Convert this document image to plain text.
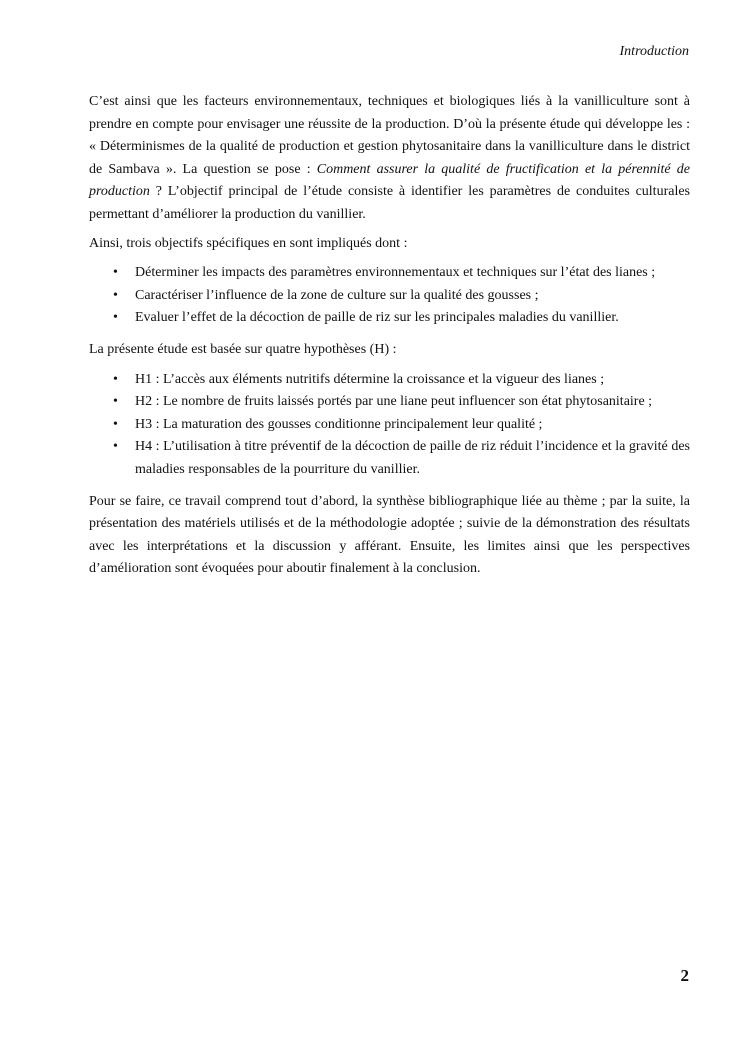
Introduction

C’est ainsi que les facteurs environnementaux, techniques et biologiques liés à la vanilliculture sont à prendre en compte pour envisager une réussite de la production. D’où la présente étude qui développe les : « Déterminismes de la qualité de production et gestion phytosanitaire dans la vanilliculture dans le district de Sambava ». La question se pose : Comment assurer la qualité de fructification et la pérennité de production ? L’objectif principal de l’étude consiste à identifier les paramètres de conduites culturales permettant d’améliorer la production du vanillier.

Ainsi, trois objectifs spécifiques en sont impliqués dont :

• Déterminer les impacts des paramètres environnementaux et techniques sur l’état des lianes ;
• Caractériser l’influence de la zone de culture sur la qualité des gousses ;
• Evaluer l’effet de la décoction de paille de riz sur les principales maladies du vanillier.

La présente étude est basée sur quatre hypothèses (H) :

• H1 : L’accès aux éléments nutritifs détermine la croissance et la vigueur des lianes ;
• H2 : Le nombre de fruits laissés portés par une liane peut influencer son état phytosanitaire ;
• H3 : La maturation des gousses conditionne principalement leur qualité ;
• H4 : L’utilisation à titre préventif de la décoction de paille de riz réduit l’incidence et la gravité des maladies responsables de la pourriture du vanillier.

Pour se faire, ce travail comprend tout d’abord, la synthèse bibliographique liée au thème ; par la suite, la présentation des matériels utilisés et de la méthodologie adoptée ; suivie de la démonstration des résultats avec les interprétations et la discussion y afférant. Ensuite, les limites ainsi que les perspectives d’amélioration sont évoquées pour aboutir finalement à la conclusion.

2
